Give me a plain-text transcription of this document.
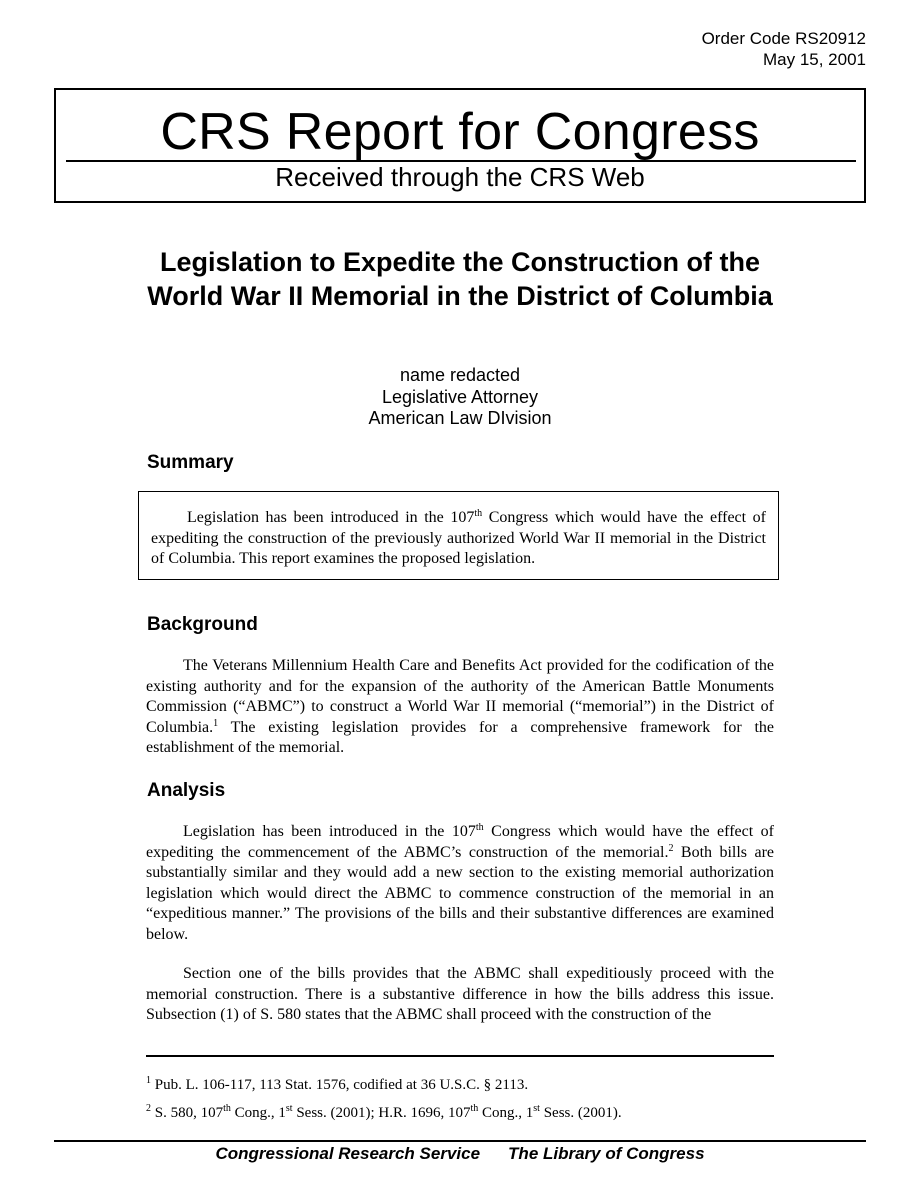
Order Code RS20912
May 15, 2001
CRS Report for Congress
Received through the CRS Web
Legislation to Expedite the Construction of the World War II Memorial in the District of Columbia
name redacted
Legislative Attorney
American Law DIvision
Summary
Legislation has been introduced in the 107th Congress which would have the effect of expediting the construction of the previously authorized World War II memorial in the District of Columbia. This report examines the proposed legislation.
Background

The Veterans Millennium Health Care and Benefits Act provided for the codification of the existing authority and for the expansion of the authority of the American Battle Monuments Commission (“ABMC”) to construct a World War II memorial (“memorial”) in the District of Columbia.$^1$ The existing legislation provides for a comprehensive framework for the establishment of the memorial.

Analysis

Legislation has been introduced in the 107th Congress which would have the effect of expediting the commencement of the ABMC’s construction of the memorial.$^2$ Both bills are substantially similar and they would add a new section to the existing memorial authorization legislation which would direct the ABMC to commence construction of the memorial in an “expeditious manner.” The provisions of the bills and their substantive differences are examined below.

Section one of the bills provides that the ABMC shall expeditiously proceed with the memorial construction. There is a substantive difference in how the bills address this issue. Subsection (1) of S. 580 states that the ABMC shall proceed with the construction of the

$^1$ Pub. L. 106-117, 113 Stat. 1576, codified at 36 U.S.C. § 2113.
$^2$ S. 580, 107th Cong., 1st Sess. (2001); H.R. 1696, 107th Cong., 1st Sess. (2001).
Congressional Research Service The Library of Congress
